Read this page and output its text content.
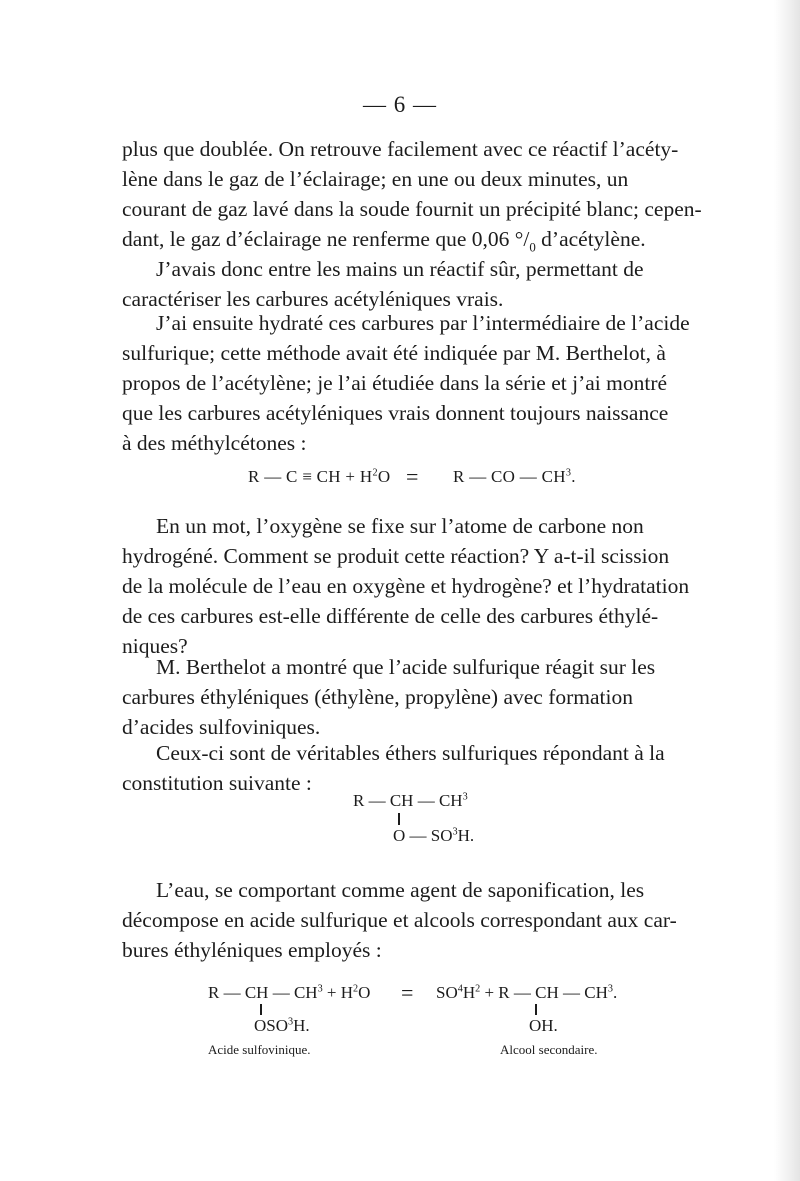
— 6 —

plus que doublée. On retrouve facilement avec ce réactif l’acéty-

lène dans le gaz de l’éclairage; en une ou deux minutes, un

courant de gaz lavé dans la soude fournit un précipité blanc; cepen-

dant, le gaz d’éclairage ne renferme que 0,06 $^\circ/_0$ d’acétylène.

J’avais donc entre les mains un réactif sûr, permettant de

caractériser les carbures acétyléniques vrais.

J’ai ensuite hydraté ces carbures par l’intermédiaire de l’acide

sulfurique; cette méthode avait été indiquée par M. Berthelot, à

propos de l’acétylène; je l’ai étudiée dans la série et j’ai montré

que les carbures acétyléniques vrais donnent toujours naissance

à des méthylcétones :

R — C ≡ CH + $H^2O = R$ — CO — $CH^3$.

En un mot, l’oxygène se fixe sur l’atome de carbone non

hydrogéné. Comment se produit cette réaction? Y a-t-il scission

de la molécule de l’eau en oxygène et hydrogène? et l’hydratation

de ces carbures est-elle différente de celle des carbures éthylé-

niques?

M. Berthelot a montré que l’acide sulfurique réagit sur les

carbures éthyléniques (éthylène, propylène) avec formation

d’acides sulfoviniques.

Ceux-ci sont de véritables éthers sulfuriques répondant à la

constitution suivante :

R — CH — $CH^3$
O — $SO^3H$.

L’eau, se comportant comme agent de saponification, les

décompose en acide sulfurique et alcools correspondant aux car-

bures éthyléniques employés :

R — CH — $CH^3 + H^2O = SO^4H^2 + R$ — CH — $CH^3$.
OSO$^3$H.	OH.
Acide sulfovinique.	Alcool secondaire.
